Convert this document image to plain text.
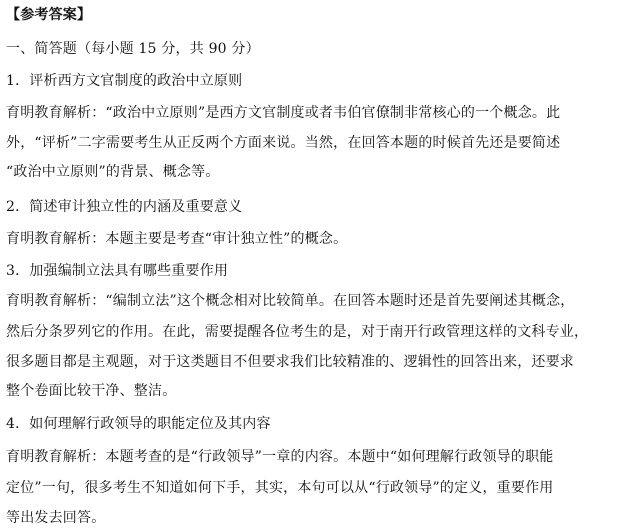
【参考答案】
一、简答题（每小题 15 分，共 90 分）
1．评析西方文官制度的政治中立原则
育明教育解析：“政治中立原则”是西方文官制度或者韦伯官僚制非常核心的一个概念。此
外，“评析”二字需要考生从正反两个方面来说。当然，在回答本题的时候首先还是要简述
“政治中立原则”的背景、概念等。
2．简述审计独立性的内涵及重要意义
育明教育解析：本题主要是考查“审计独立性”的概念。
3．加强编制立法具有哪些重要作用
育明教育解析：“编制立法”这个概念相对比较简单。在回答本题时还是首先要阐述其概念，
然后分条罗列它的作用。在此，需要提醒各位考生的是，对于南开行政管理这样的文科专业，
很多题目都是主观题，对于这类题目不但要求我们比较精准的、逻辑性的回答出来，还要求
整个卷面比较干净、整洁。
4．如何理解行政领导的职能定位及其内容
育明教育解析：本题考查的是“行政领导”一章的内容。本题中“如何理解行政领导的职能
定位”一句，很多考生不知道如何下手，其实，本句可以从“行政领导”的定义，重要作用
等出发去回答。
